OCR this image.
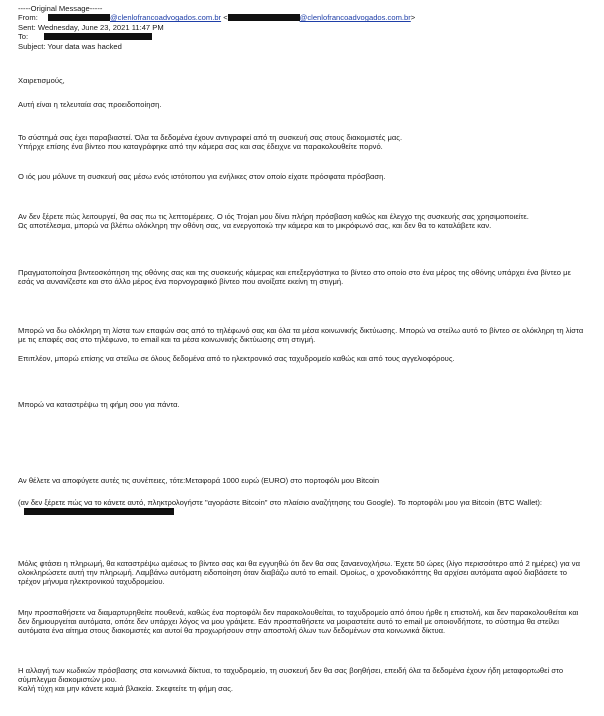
-----Original Message-----
From:	@clenlofrancoadvogados.com.br <	@clenlofrancoadvogados.com.br>
Sent: Wednesday, June 23, 2021 11:47 PM
To:
Subject: Your data was hacked
Χαιρετισμούς,
Αυτή είναι η τελευταία σας προειδοποίηση.
Το σύστημά σας έχει παραβιαστεί. Όλα τα δεδομένα έχουν αντιγραφεί από τη συσκευή σας στους διακομιστές μας.
Υπήρχε επίσης ένα βίντεο που καταγράφηκε από την κάμερα σας και σας έδειχνε να παρακολουθείτε πορνό.
Ο ιός μου μόλυνε τη συσκευή σας μέσω ενός ιστότοπου για ενήλικες στον οποίο είχατε πρόσφατα πρόσβαση.
Αν δεν ξέρετε πώς λειτουργεί, θα σας πω τις λεπτομέρειες. Ο ιός Trojan μου δίνει πλήρη πρόσβαση καθώς και έλεγχο της συσκευής σας χρησιμοποιείτε.
Ως αποτέλεσμα, μπορώ να βλέπω ολόκληρη την οθόνη σας, να ενεργοποιώ την κάμερα και το μικρόφωνό σας, και δεν θα το καταλάβετε καν.
Πραγματοποίησα βιντεοσκόπηση της οθόνης σας και της συσκευής κάμερας και επεξεργάστηκα το βίντεο στο οποίο στο ένα μέρος της οθόνης υπάρχει ένα βίντεο με εσάς να αυνανίζεστε και στο άλλο μέρος ένα πορνογραφικό βίντεο που ανοίξατε εκείνη τη στιγμή.
Μπορώ να δω ολόκληρη τη λίστα των επαφών σας από το τηλέφωνό σας και όλα τα μέσα κοινωνικής δικτύωσης. Μπορώ να στείλω αυτό το βίντεο σε ολόκληρη τη λίστα με τις επαφές σας στο τηλέφωνο, το email και τα μέσα κοινωνικής δικτύωσης στη στιγμή.
Επιπλέον, μπορώ επίσης να στείλω σε όλους δεδομένα από το ηλεκτρονικό σας ταχυδρομείο καθώς και από τους αγγελιοφόρους.
Μπορώ να καταστρέψω τη φήμη σου για πάντα.
Αν θέλετε να αποφύγετε αυτές τις συνέπειες, τότε:Μεταφορά 1000 ευρώ (EURO) στο πορτοφόλι μου Bitcoin
(αν δεν ξέρετε πώς να το κάνετε αυτό, πληκτρολογήστε "αγοράστε Bitcoin" στο πλαίσιο αναζήτησης του Google). Το πορτοφόλι μου για Bitcoin (BTC Wallet):
Μόλις φτάσει η πληρωμή, θα καταστρέψω αμέσως το βίντεο σας και θα εγγυηθώ ότι δεν θα σας ξαναενοχλήσω. Έχετε 50 ώρες (λίγο περισσότερο από 2 ημέρες) για να ολοκληρώσετε αυτή την πληρωμή. Λαμβάνω αυτόματη ειδοποίηση όταν διαβάζω αυτό το email. Ομοίως, ο χρονοδιακόπτης θα αρχίσει αυτόματα αφού διαβάσετε το τρέχον μήνυμα ηλεκτρονικού ταχυδρομείου.
Μην προσπαθήσετε να διαμαρτυρηθείτε πουθενά, καθώς ένα πορτοφόλι δεν παρακολουθείται, το ταχυδρομείο από όπου ήρθε η επιστολή, και δεν παρακολουθείται και δεν δημιουργείται αυτόματα, οπότε δεν υπάρχει λόγος να μου γράψετε. Εάν προσπαθήσετε να μοιραστείτε αυτό το email με οποιονδήποτε, το σύστημα θα στείλει αυτόματα ένα αίτημα στους διακομιστές και αυτοί θα προχωρήσουν στην αποστολή όλων των δεδομένων στα κοινωνικά δίκτυα.
Η αλλαγή των κωδικών πρόσβασης στα κοινωνικά δίκτυα, το ταχυδρομείο, τη συσκευή δεν θα σας βοηθήσει, επειδή όλα τα δεδομένα έχουν ήδη μεταφορτωθεί στο σύμπλεγμα διακομιστών μου.
Καλή τύχη και μην κάνετε καμιά βλακεία. Σκεφτείτε τη φήμη σας.
